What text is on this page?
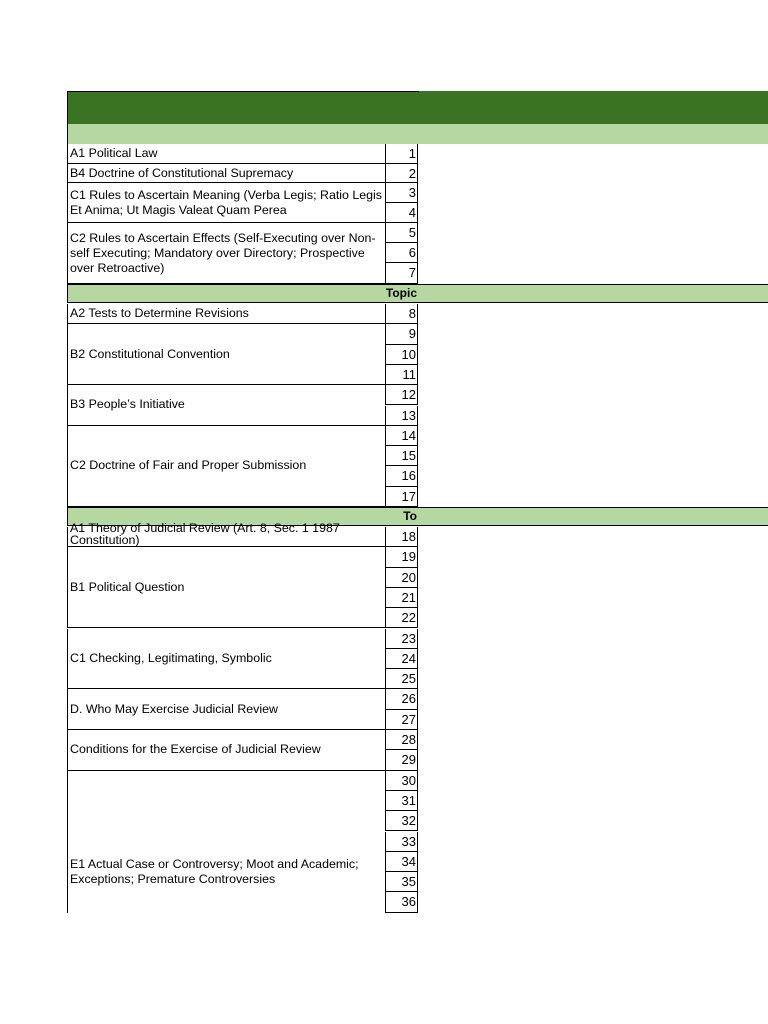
1
A1 Political Law
2
B4 Doctrine of Constitutional Supremacy
3
4
C1 Rules to Ascertain Meaning (Verba Legis; Ratio Legis Et Anima; Ut Magis Valeat Quam Perea
5
6
7
C2 Rules to Ascertain Effects (Self-Executing over Non-self Executing; Mandatory over Directory; Prospective over Retroactive)
Topic
8
A2 Tests to Determine Revisions
9
10
11
B2 Constitutional Convention
12
13
B3 People’s Initiative
14
15
16
17
C2 Doctrine of Fair and Proper Submission
To
18
A1 Theory of Judicial Review (Art. 8, Sec. 1 1987 Constitution)
19
20
21
22
B1 Political Question
23
24
25
C1 Checking, Legitimating, Symbolic
26
27
D. Who May Exercise Judicial Review
28
29
Conditions for the Exercise of Judicial Review
30
31
32
33
34
35
36
E1 Actual Case or Controversy; Moot and Academic; Exceptions; Premature Controversies
